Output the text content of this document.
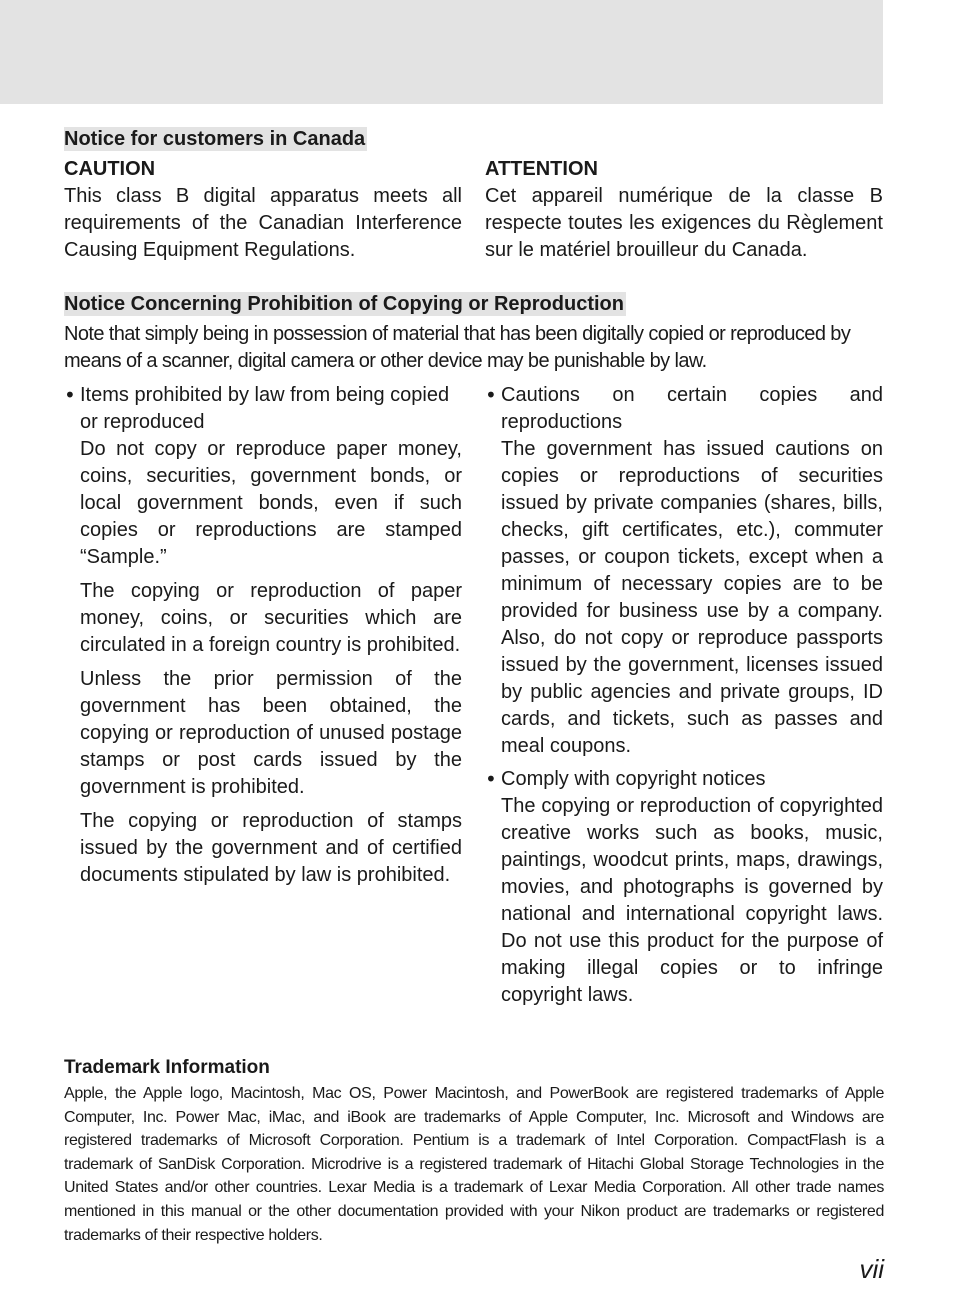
Notice for customers in Canada
CAUTION
This class B digital apparatus meets all requirements of the Canadian Interference Causing Equipment Regulations.
ATTENTION
Cet appareil numérique de la classe B respecte toutes les exigences du Règlement sur le matériel brouilleur du Canada.
Notice Concerning Prohibition of Copying or Reproduction
Note that simply being in possession of material that has been digitally copied or reproduced by means of a scanner, digital camera or other device may be punishable by law.
• Items prohibited by law from being copied or reproduced
Do not copy or reproduce paper money, coins, securities, government bonds, or local government bonds, even if such copies or reproductions are stamped “Sample.”
The copying or reproduction of paper money, coins, or securities which are circulated in a foreign country is prohibited.
Unless the prior permission of the government has been obtained, the copying or reproduction of unused postage stamps or post cards issued by the government is prohibited.
The copying or reproduction of stamps issued by the government and of certified documents stipulated by law is prohibited.
• Cautions on certain copies and reproductions
The government has issued cautions on copies or reproductions of securities issued by private companies (shares, bills, checks, gift certificates, etc.), commuter passes, or coupon tickets, except when a minimum of necessary copies are to be provided for business use by a company. Also, do not copy or reproduce passports issued by the government, licenses issued by public agencies and private groups, ID cards, and tickets, such as passes and meal coupons.
• Comply with copyright notices
The copying or reproduction of copyrighted creative works such as books, music, paintings, woodcut prints, maps, drawings, movies, and photographs is governed by national and international copyright laws. Do not use this product for the purpose of making illegal copies or to infringe copyright laws.
Trademark Information
Apple, the Apple logo, Macintosh, Mac OS, Power Macintosh, and PowerBook are registered trademarks of Apple Computer, Inc. Power Mac, iMac, and iBook are trademarks of Apple Computer, Inc. Microsoft and Windows are registered trademarks of Microsoft Corporation. Pentium is a trademark of Intel Corporation. CompactFlash is a trademark of SanDisk Corporation. Microdrive is a registered trademark of Hitachi Global Storage Technologies in the United States and/or other countries. Lexar Media is a trademark of Lexar Media Corporation. All other trade names mentioned in this manual or the other documentation provided with your Nikon product are trademarks or registered trademarks of their respective holders.
vii
